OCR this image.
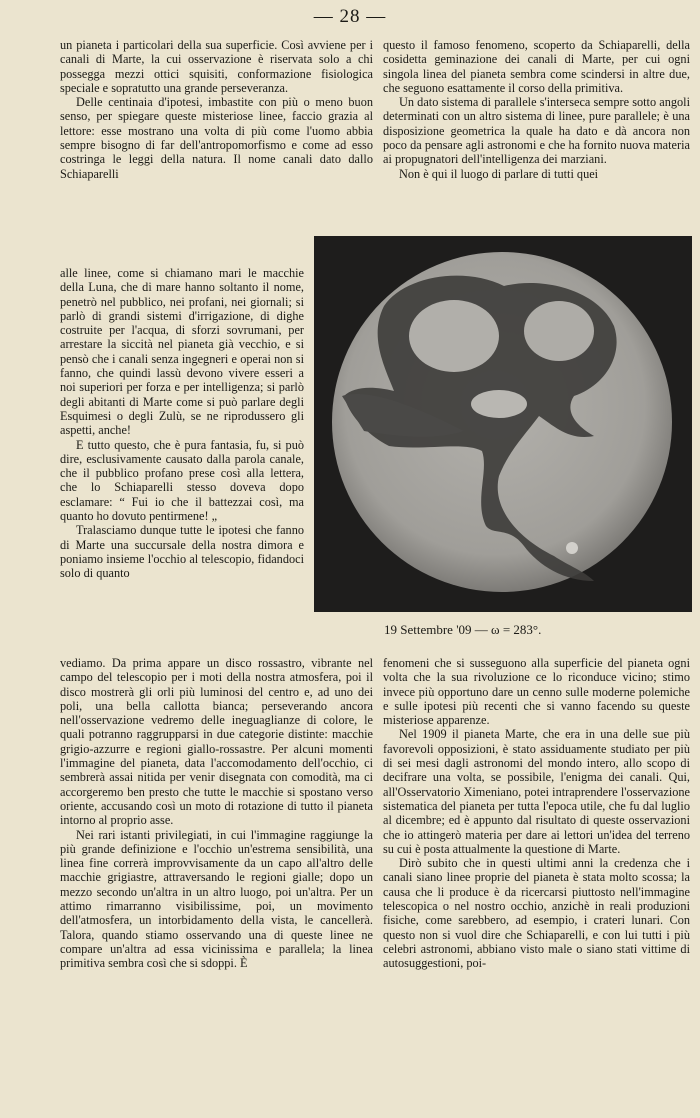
— 28 —

un pianeta i particolari della sua superficie. Così avviene per i canali di Marte, la cui osservazione è riservata solo a chi possegga mezzi ottici squisiti, conformazione fisiologica speciale e sopratutto una grande perseveranza.

Delle centinaia d'ipotesi, imbastite con più o meno buon senso, per spiegare queste misteriose linee, faccio grazia al lettore: esse mostrano una volta di più come l'uomo abbia sempre bisogno di far dell'antropomorfismo e come ad esso costringa le leggi della natura. Il nome canali dato dallo Schiaparelli

alle linee, come si chiamano mari le macchie della Luna, che di mare hanno soltanto il nome, penetrò nel pubblico, nei profani, nei giornali; si parlò di grandi sistemi d'irrigazione, di dighe costruite per l'acqua, di sforzi sovrumani, per arrestare la siccità nel pianeta già vecchio, e si pensò che i canali senza ingegneri e operai non si fanno, che quindi lassù devono vivere esseri a noi superiori per forza e per intelligenza; si parlò degli abitanti di Marte come si può parlare degli Esquimesi o degli Zulù, se ne riprodussero gli aspetti, anche!

E tutto questo, che è pura fantasia, fu, si può dire, esclusivamente causato dalla parola canale, che il pubblico profano prese così alla lettera, che lo Schiaparelli stesso doveva dopo esclamare: “ Fui io che il battezzai così, ma quanto ho dovuto pentirmene! „

Tralasciamo dunque tutte le ipotesi che fanno di Marte una succursale della nostra dimora e poniamo insieme l'occhio al telescopio, fidandoci solo di quanto

vediamo. Da prima appare un disco rossastro, vibrante nel campo del telescopio per i moti della nostra atmosfera, poi il disco mostrerà gli orli più luminosi del centro e, ad uno dei poli, una bella callotta bianca; perseverando ancora nell'osservazione vedremo delle ineguaglianze di colore, le quali potranno raggrupparsi in due categorie distinte: macchie grigio-azzurre e regioni giallo-rossastre. Per alcuni momenti l'immagine del pianeta, data l'accomodamento dell'occhio, ci sembrerà assai nitida per venir disegnata con comodità, ma ci accorgeremo ben presto che tutte le macchie si spostano verso oriente, accusando così un moto di rotazione di tutto il pianeta intorno al proprio asse.

Nei rari istanti privilegiati, in cui l'immagine raggiunge la più grande definizione e l'occhio un'estrema sensibilità, una linea fine correrà improvvisamente da un capo all'altro delle macchie grigiastre, attraversando le regioni gialle; dopo un mezzo secondo un'altra in un altro luogo, poi un'altra. Per un attimo rimarranno visibilissime, poi, un movimento dell'atmosfera, un intorbidamento della vista, le cancellerà. Talora, quando stiamo osservando una di queste linee ne compare un'altra ad essa vicinissima e parallela; la linea primitiva sembra così che si sdoppi. È

questo il famoso fenomeno, scoperto da Schiaparelli, della cosidetta geminazione dei canali di Marte, per cui ogni singola linea del pianeta sembra come scindersi in altre due, che seguono esattamente il corso della primitiva.

Un dato sistema di parallele s'interseca sempre sotto angoli determinati con un altro sistema di linee, pure parallele; è una disposizione geometrica la quale ha dato e dà ancora non poco da pensare agli astronomi e che ha fornito nuova materia ai propugnatori dell'intelligenza dei marziani.

Non è qui il luogo di parlare di tutti quei

19 Settembre '09 — ω = 283°.

fenomeni che si susseguono alla superficie del pianeta ogni volta che la sua rivoluzione ce lo riconduce vicino; stimo invece più opportuno dare un cenno sulle moderne polemiche e sulle ipotesi più recenti che si vanno facendo su queste misteriose apparenze.

Nel 1909 il pianeta Marte, che era in una delle sue più favorevoli opposizioni, è stato assiduamente studiato per più di sei mesi dagli astronomi del mondo intero, allo scopo di decifrare una volta, se possibile, l'enigma dei canali. Qui, all'Osservatorio Ximeniano, potei intraprendere l'osservazione sistematica del pianeta per tutta l'epoca utile, che fu dal luglio al dicembre; ed è appunto dal risultato di queste osservazioni che io attingerò materia per dare ai lettori un'idea del terreno su cui è posta attualmente la questione di Marte.

Dirò subito che in questi ultimi anni la credenza che i canali siano linee proprie del pianeta è stata molto scossa; la causa che li produce è da ricercarsi piuttosto nell'immagine telescopica o nel nostro occhio, anzichè in reali produzioni fisiche, come sarebbero, ad esempio, i crateri lunari. Con questo non si vuol dire che Schiaparelli, e con lui tutti i più celebri astronomi, abbiano visto male o siano stati vittime di autosuggestioni, poi-
